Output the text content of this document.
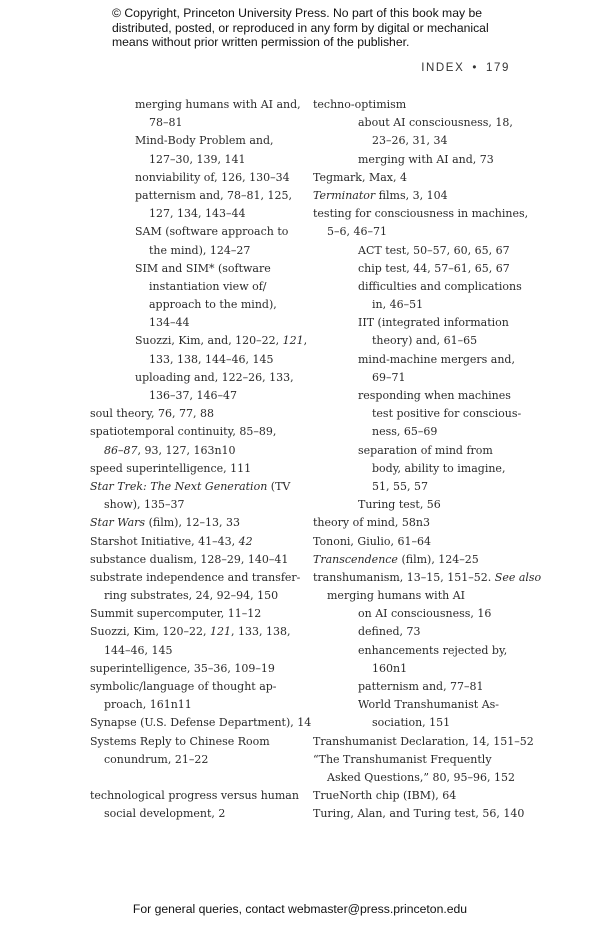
© Copyright, Princeton University Press. No part of this book may be
distributed, posted, or reproduced in any form by digital or mechanical
means without prior written permission of the publisher.
INDEX • 179
merging humans with AI and,
78–81
Mind-Body Problem and,
127–30, 139, 141
nonviability of, 126, 130–34
patternism and, 78–81, 125,
127, 134, 143–44
SAM (software approach to
the mind), 124–27
SIM and SIM* (software
instantiation view of/
approach to the mind),
134–44
Suozzi, Kim, and, 120–22, 121,
133, 138, 144–46, 145
uploading and, 122–26, 133,
136–37, 146–47
soul theory, 76, 77, 88
spatiotemporal continuity, 85–89,
86–87, 93, 127, 163n10
speed superintelligence, 111
Star Trek: The Next Generation (TV
show), 135–37
Star Wars (film), 12–13, 33
Starshot Initiative, 41–43, 42
substance dualism, 128–29, 140–41
substrate independence and transfer-
ring substrates, 24, 92–94, 150
Summit supercomputer, 11–12
Suozzi, Kim, 120–22, 121, 133, 138,
144–46, 145
superintelligence, 35–36, 109–19
symbolic/language of thought ap-
proach, 161n11
Synapse (U.S. Defense Department), 14
Systems Reply to Chinese Room
conundrum, 21–22
technological progress versus human
social development, 2
techno-optimism
about AI consciousness, 18,
23–26, 31, 34
merging with AI and, 73
Tegmark, Max, 4
Terminator films, 3, 104
testing for consciousness in machines,
5–6, 46–71
ACT test, 50–57, 60, 65, 67
chip test, 44, 57–61, 65, 67
difficulties and complications
in, 46–51
IIT (integrated information
theory) and, 61–65
mind-machine mergers and,
69–71
responding when machines
test positive for conscious-
ness, 65–69
separation of mind from
body, ability to imagine,
51, 55, 57
Turing test, 56
theory of mind, 58n3
Tononi, Giulio, 61–64
Transcendence (film), 124–25
transhumanism, 13–15, 151–52. See also
merging humans with AI
on AI consciousness, 16
defined, 73
enhancements rejected by,
160n1
patternism and, 77–81
World Transhumanist As-
sociation, 151
Transhumanist Declaration, 14, 151–52
“The Transhumanist Frequently
Asked Questions,” 80, 95–96, 152
TrueNorth chip (IBM), 64
Turing, Alan, and Turing test, 56, 140
For general queries, contact webmaster@press.princeton.edu
